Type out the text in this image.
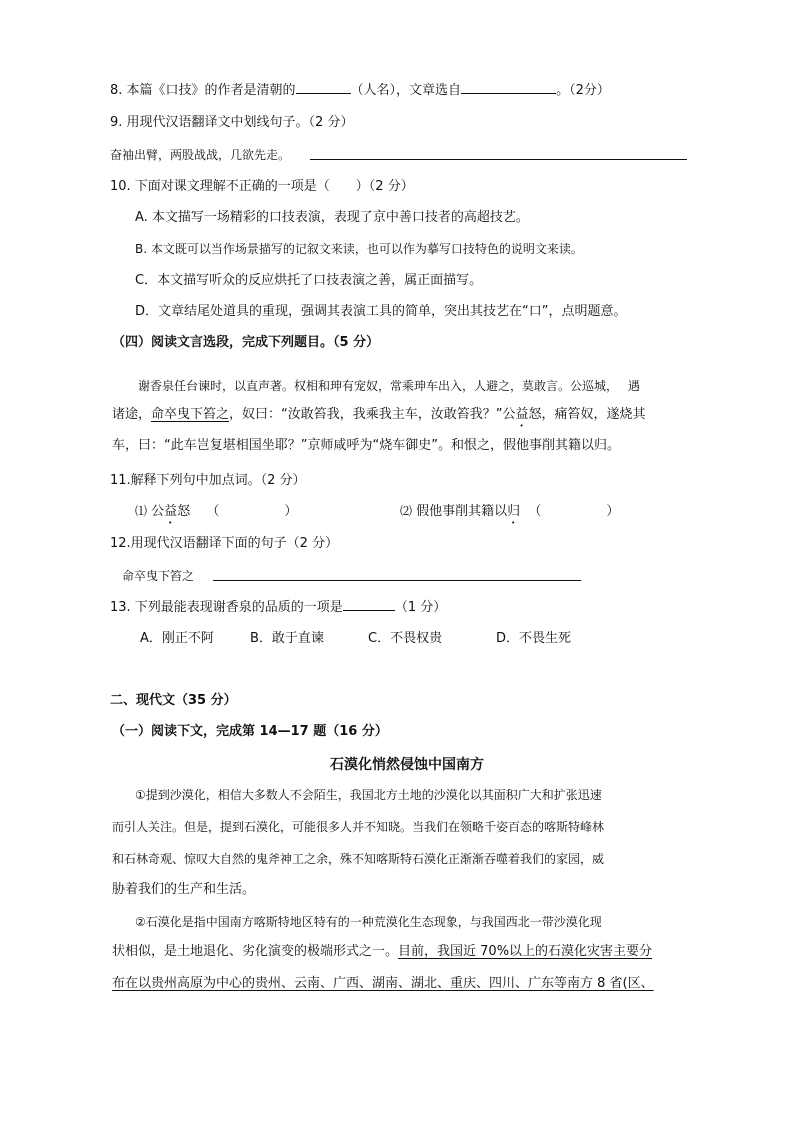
8. 本篇《口技》的作者是清朝的	（人名），文章选自	。（2分）
9. 用现代汉语翻译文中划线句子。（2 分）
奋袖出臂，两股战战，几欲先走。
10. 下面对课文理解不正确的一项是（　　）（2 分）
A. 本文描写一场精彩的口技表演，表现了京中善口技者的高超技艺。
B. 本文既可以当作场景描写的记叙文来读，也可以作为摹写口技特色的说明文来读。
C．本文描写听众的反应烘托了口技表演之善，属正面描写。
D．文章结尾处道具的重现，强调其表演工具的简单，突出其技艺在“口”，点明题意。
（四）阅读文言选段，完成下列题目。（5 分）
谢香泉任台谏时，以直声著。权相和珅有宠奴，常乘珅车出入，人避之，莫敢言。公巡城，　 遇
诸途，命卒曳下笞之，奴曰：“汝敢笞我，我乘我主车，汝敢笞我？”公益怒，痛笞奴，遂烧其
车，曰：“此车岂复堪相国坐耶？”京师咸呼为“烧车御史”。和恨之，假他事削其籍以归。
11.解释下列句中加点词。（2 分）
⑴ 公益怒 （　　　　　）	⑵ 假他事削其籍以归 （　　　　　）
12.用现代汉语翻译下面的句子（2 分）
命卒曳下笞之
13. 下列最能表现谢香泉的品质的一项是	（1 分）
A．刚正不阿	B．敢于直谏	C．不畏权贵	D．不畏生死
二、现代文（35 分）
（一）阅读下文，完成第 14—17 题（16 分）
石漠化悄然侵蚀中国南方
①提到沙漠化，相信大多数人不会陌生，我国北方土地的沙漠化以其面积广大和扩张迅速
而引人关注。但是，提到石漠化，可能很多人并不知晓。当我们在领略千姿百态的喀斯特峰林
和石林奇观、惊叹大自然的鬼斧神工之余，殊不知喀斯特石漠化正渐渐吞噬着我们的家园，威
胁着我们的生产和生活。
②石漠化是指中国南方喀斯特地区特有的一种荒漠化生态现象，与我国西北一带沙漠化现
状相似，是土地退化、劣化演变的极端形式之一。目前，我国近 70%以上的石漠化灾害主要分
布在以贵州高原为中心的贵州、云南、广西、湖南、湖北、重庆、四川、广东等南方 8 省(区、
